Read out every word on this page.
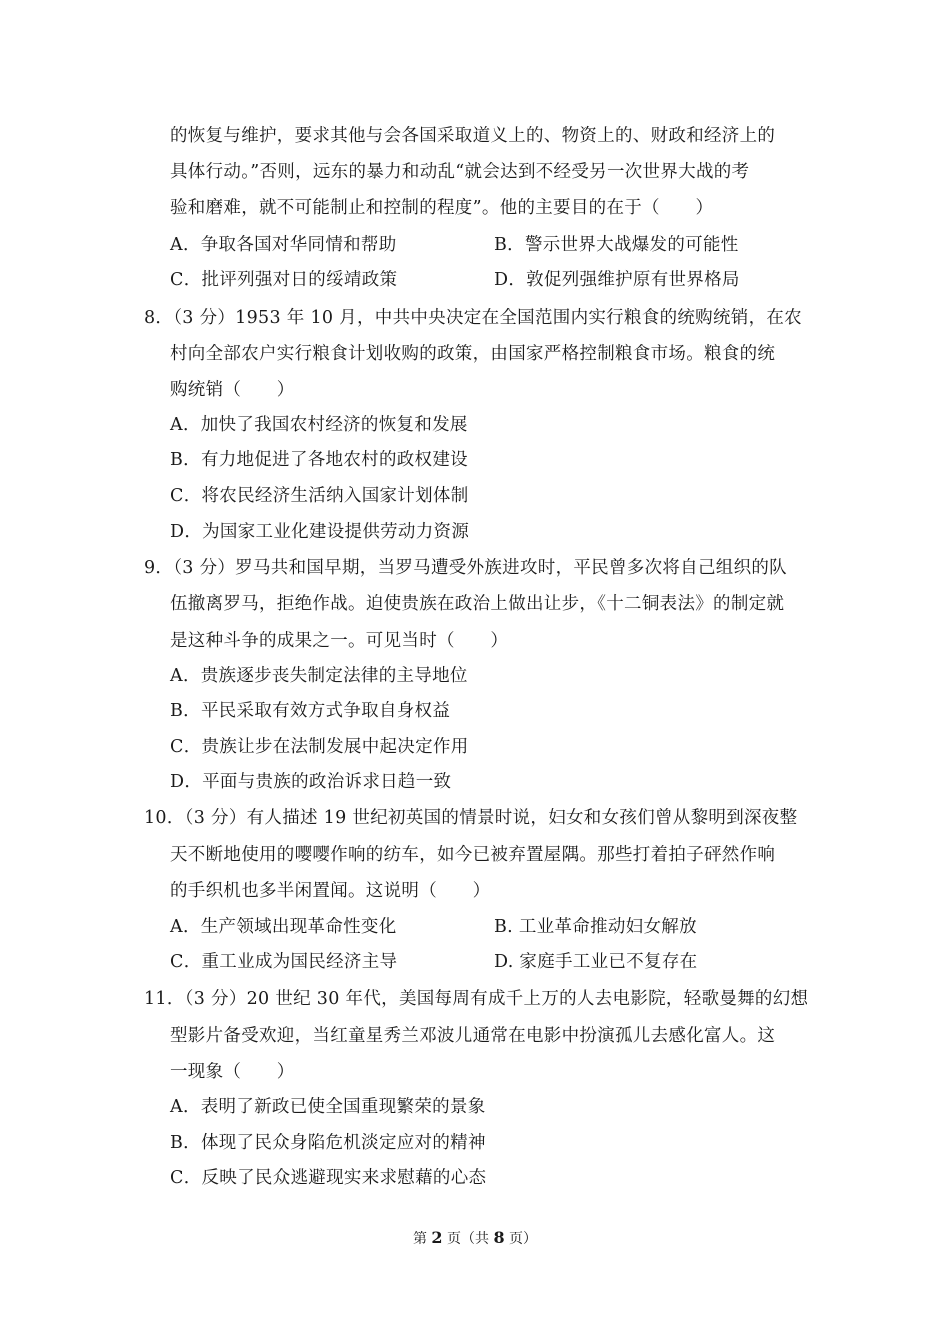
的恢复与维护，要求其他与会各国采取道义上的、物资上的、财政和经济上的
具体行动。”否则，远东的暴力和动乱“就会达到不经受另一次世界大战的考
验和磨难，就不可能制止和控制的程度”。他的主要目的在于（　　）
A．争取各国对华同情和帮助	B．警示世界大战爆发的可能性
C．批评列强对日的绥靖政策	D．敦促列强维护原有世界格局
8．（3 分）1953 年 10 月，中共中央决定在全国范围内实行粮食的统购统销，在农
村向全部农户实行粮食计划收购的政策，由国家严格控制粮食市场。粮食的统
购统销（　　）
A．加快了我国农村经济的恢复和发展
B．有力地促进了各地农村的政权建设
C．将农民经济生活纳入国家计划体制
D．为国家工业化建设提供劳动力资源
9．（3 分）罗马共和国早期，当罗马遭受外族进攻时，平民曾多次将自己组织的队
伍撤离罗马，拒绝作战。迫使贵族在政治上做出让步，《十二铜表法》的制定就
是这种斗争的成果之一。可见当时（　　）
A．贵族逐步丧失制定法律的主导地位
B．平民采取有效方式争取自身权益
C．贵族让步在法制发展中起决定作用
D．平面与贵族的政治诉求日趋一致
10．（3 分）有人描述 19 世纪初英国的情景时说，妇女和女孩们曾从黎明到深夜整
天不断地使用的嘤嘤作响的纺车，如今已被弃置屋隅。那些打着拍子砰然作响
的手织机也多半闲置闻。这说明（　　）
A．生产领域出现革命性变化	B. 工业革命推动妇女解放
C．重工业成为国民经济主导	D. 家庭手工业已不复存在
11．（3 分）20 世纪 30 年代，美国每周有成千上万的人去电影院，轻歌曼舞的幻想
型影片备受欢迎，当红童星秀兰邓波儿通常在电影中扮演孤儿去感化富人。这
一现象（　　）
A．表明了新政已使全国重现繁荣的景象
B．体现了民众身陷危机淡定应对的精神
C．反映了民众逃避现实来求慰藉的心态
第 2 页（共 8 页）
